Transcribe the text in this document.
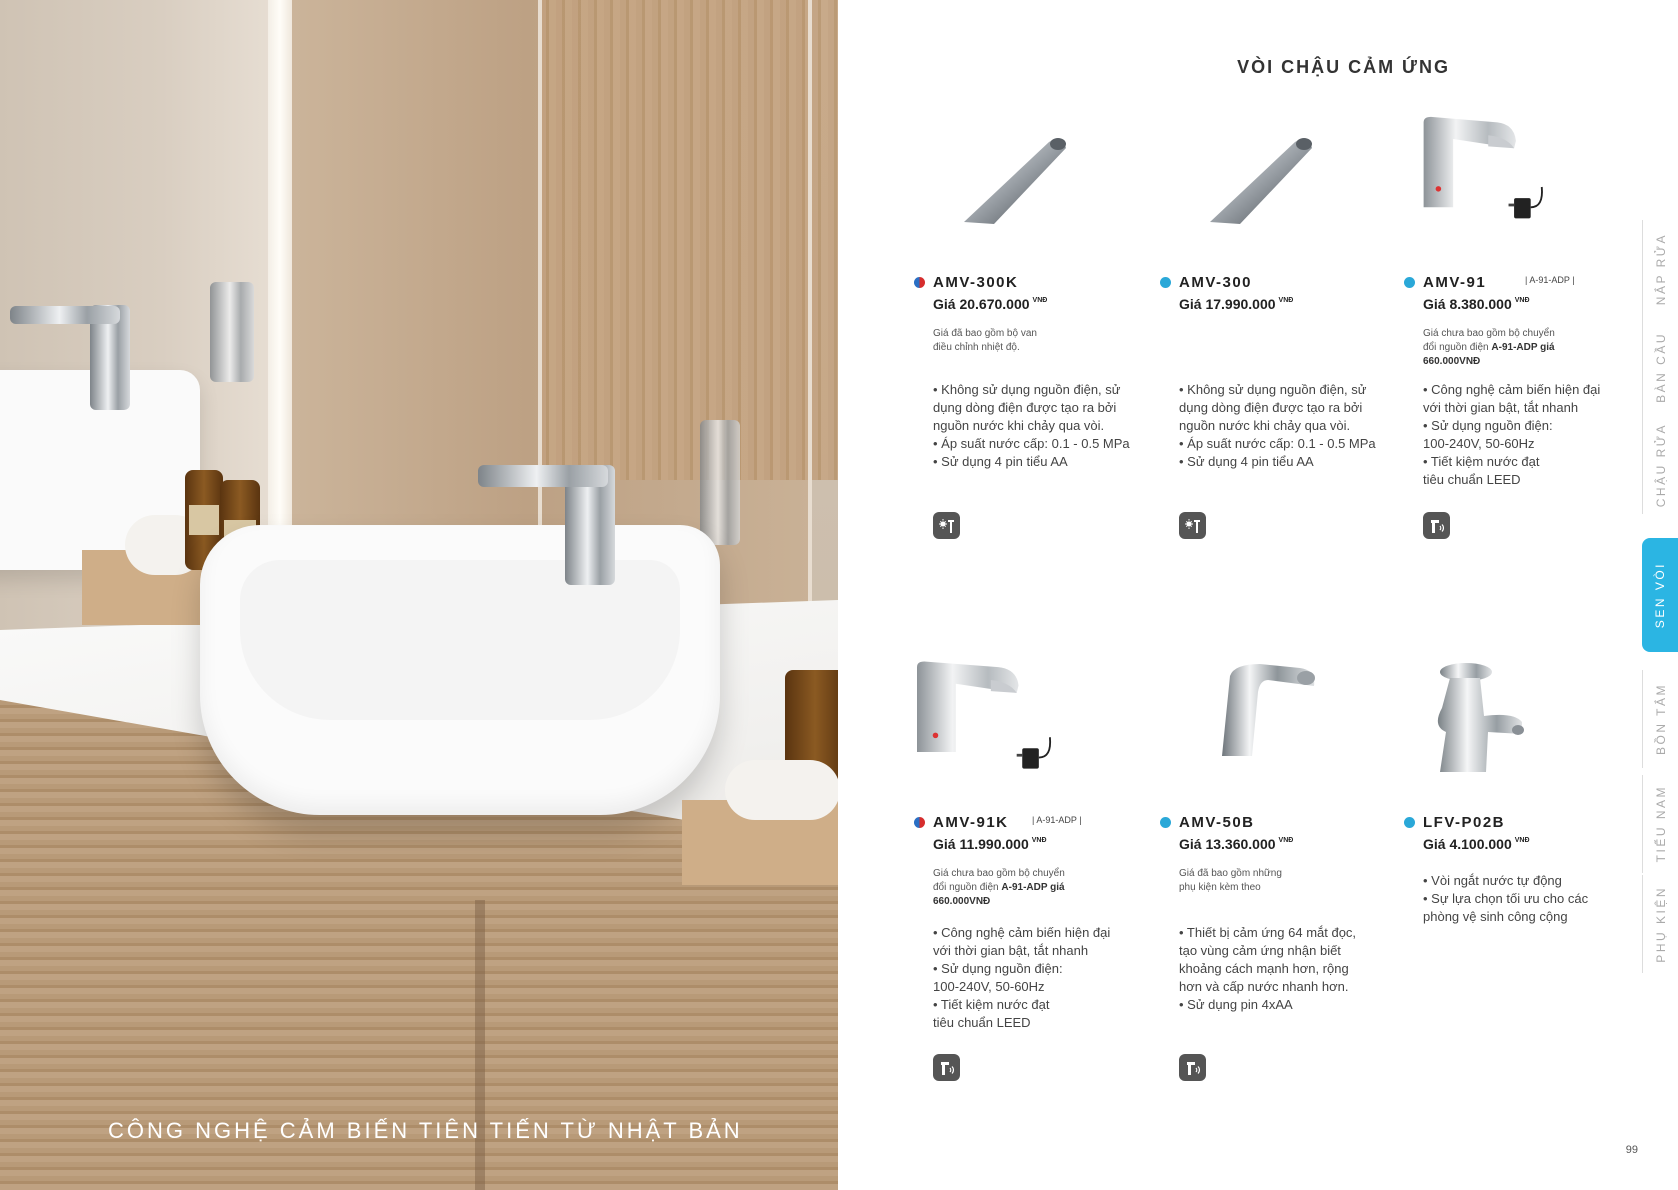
CÔNG NGHỆ CẢM BIẾN TIÊN TIẾN TỪ NHẬT BẢN
VÒI CHẬU CẢM ỨNG
AMV-300K
Giá 20.670.000 $^{VNĐ}$
Giá đã bao gồm bộ van
điều chỉnh nhiệt độ.
• Không sử dụng nguồn điện, sử
dụng dòng điện được tạo ra bởi
nguồn nước khi chảy qua vòi.
• Áp suất nước cấp: 0.1 - 0.5 MPa
• Sử dụng 4 pin tiểu AA
AMV-300
Giá 17.990.000 $^{VNĐ}$
• Không sử dụng nguồn điện, sử
dụng dòng điện được tạo ra bởi
nguồn nước khi chảy qua vòi.
• Áp suất nước cấp: 0.1 - 0.5 MPa
• Sử dụng 4 pin tiểu AA
AMV-91	| A-91-ADP |
Giá 8.380.000 $^{VNĐ}$
Giá chưa bao gồm bộ chuyển
đổi nguồn điện A-91-ADP giá
660.000VNĐ
• Công nghệ cảm biến hiện đại
với thời gian bật, tắt nhanh
• Sử dụng nguồn điện:
100-240V, 50-60Hz
• Tiết kiệm nước đạt
tiêu chuẩn LEED
AMV-91K	| A-91-ADP |
Giá 11.990.000 $^{VNĐ}$
Giá chưa bao gồm bộ chuyển
đổi nguồn điện A-91-ADP giá
660.000VNĐ
• Công nghệ cảm biến hiện đại
với thời gian bật, tắt nhanh
• Sử dụng nguồn điện:
100-240V, 50-60Hz
• Tiết kiệm nước đạt
tiêu chuẩn LEED
AMV-50B
Giá 13.360.000 $^{VNĐ}$
Giá đã bao gồm những
phụ kiện kèm theo
• Thiết bị cảm ứng 64 mắt đọc,
tạo vùng cảm ứng nhận biết
khoảng cách mạnh hơn, rộng
hơn và cấp nước nhanh hơn.
• Sử dụng pin 4xAA
LFV-P02B
Giá 4.100.000 $^{VNĐ}$
• Vòi ngắt nước tự động
• Sự lựa chọn tối ưu cho các
phòng vệ sinh công cộng
NẮP RỬA
BÀN CẦU
CHẬU RỬA
SEN VÒI
BỒN TẮM
TIỂU NAM
PHỤ KIỆN
99
